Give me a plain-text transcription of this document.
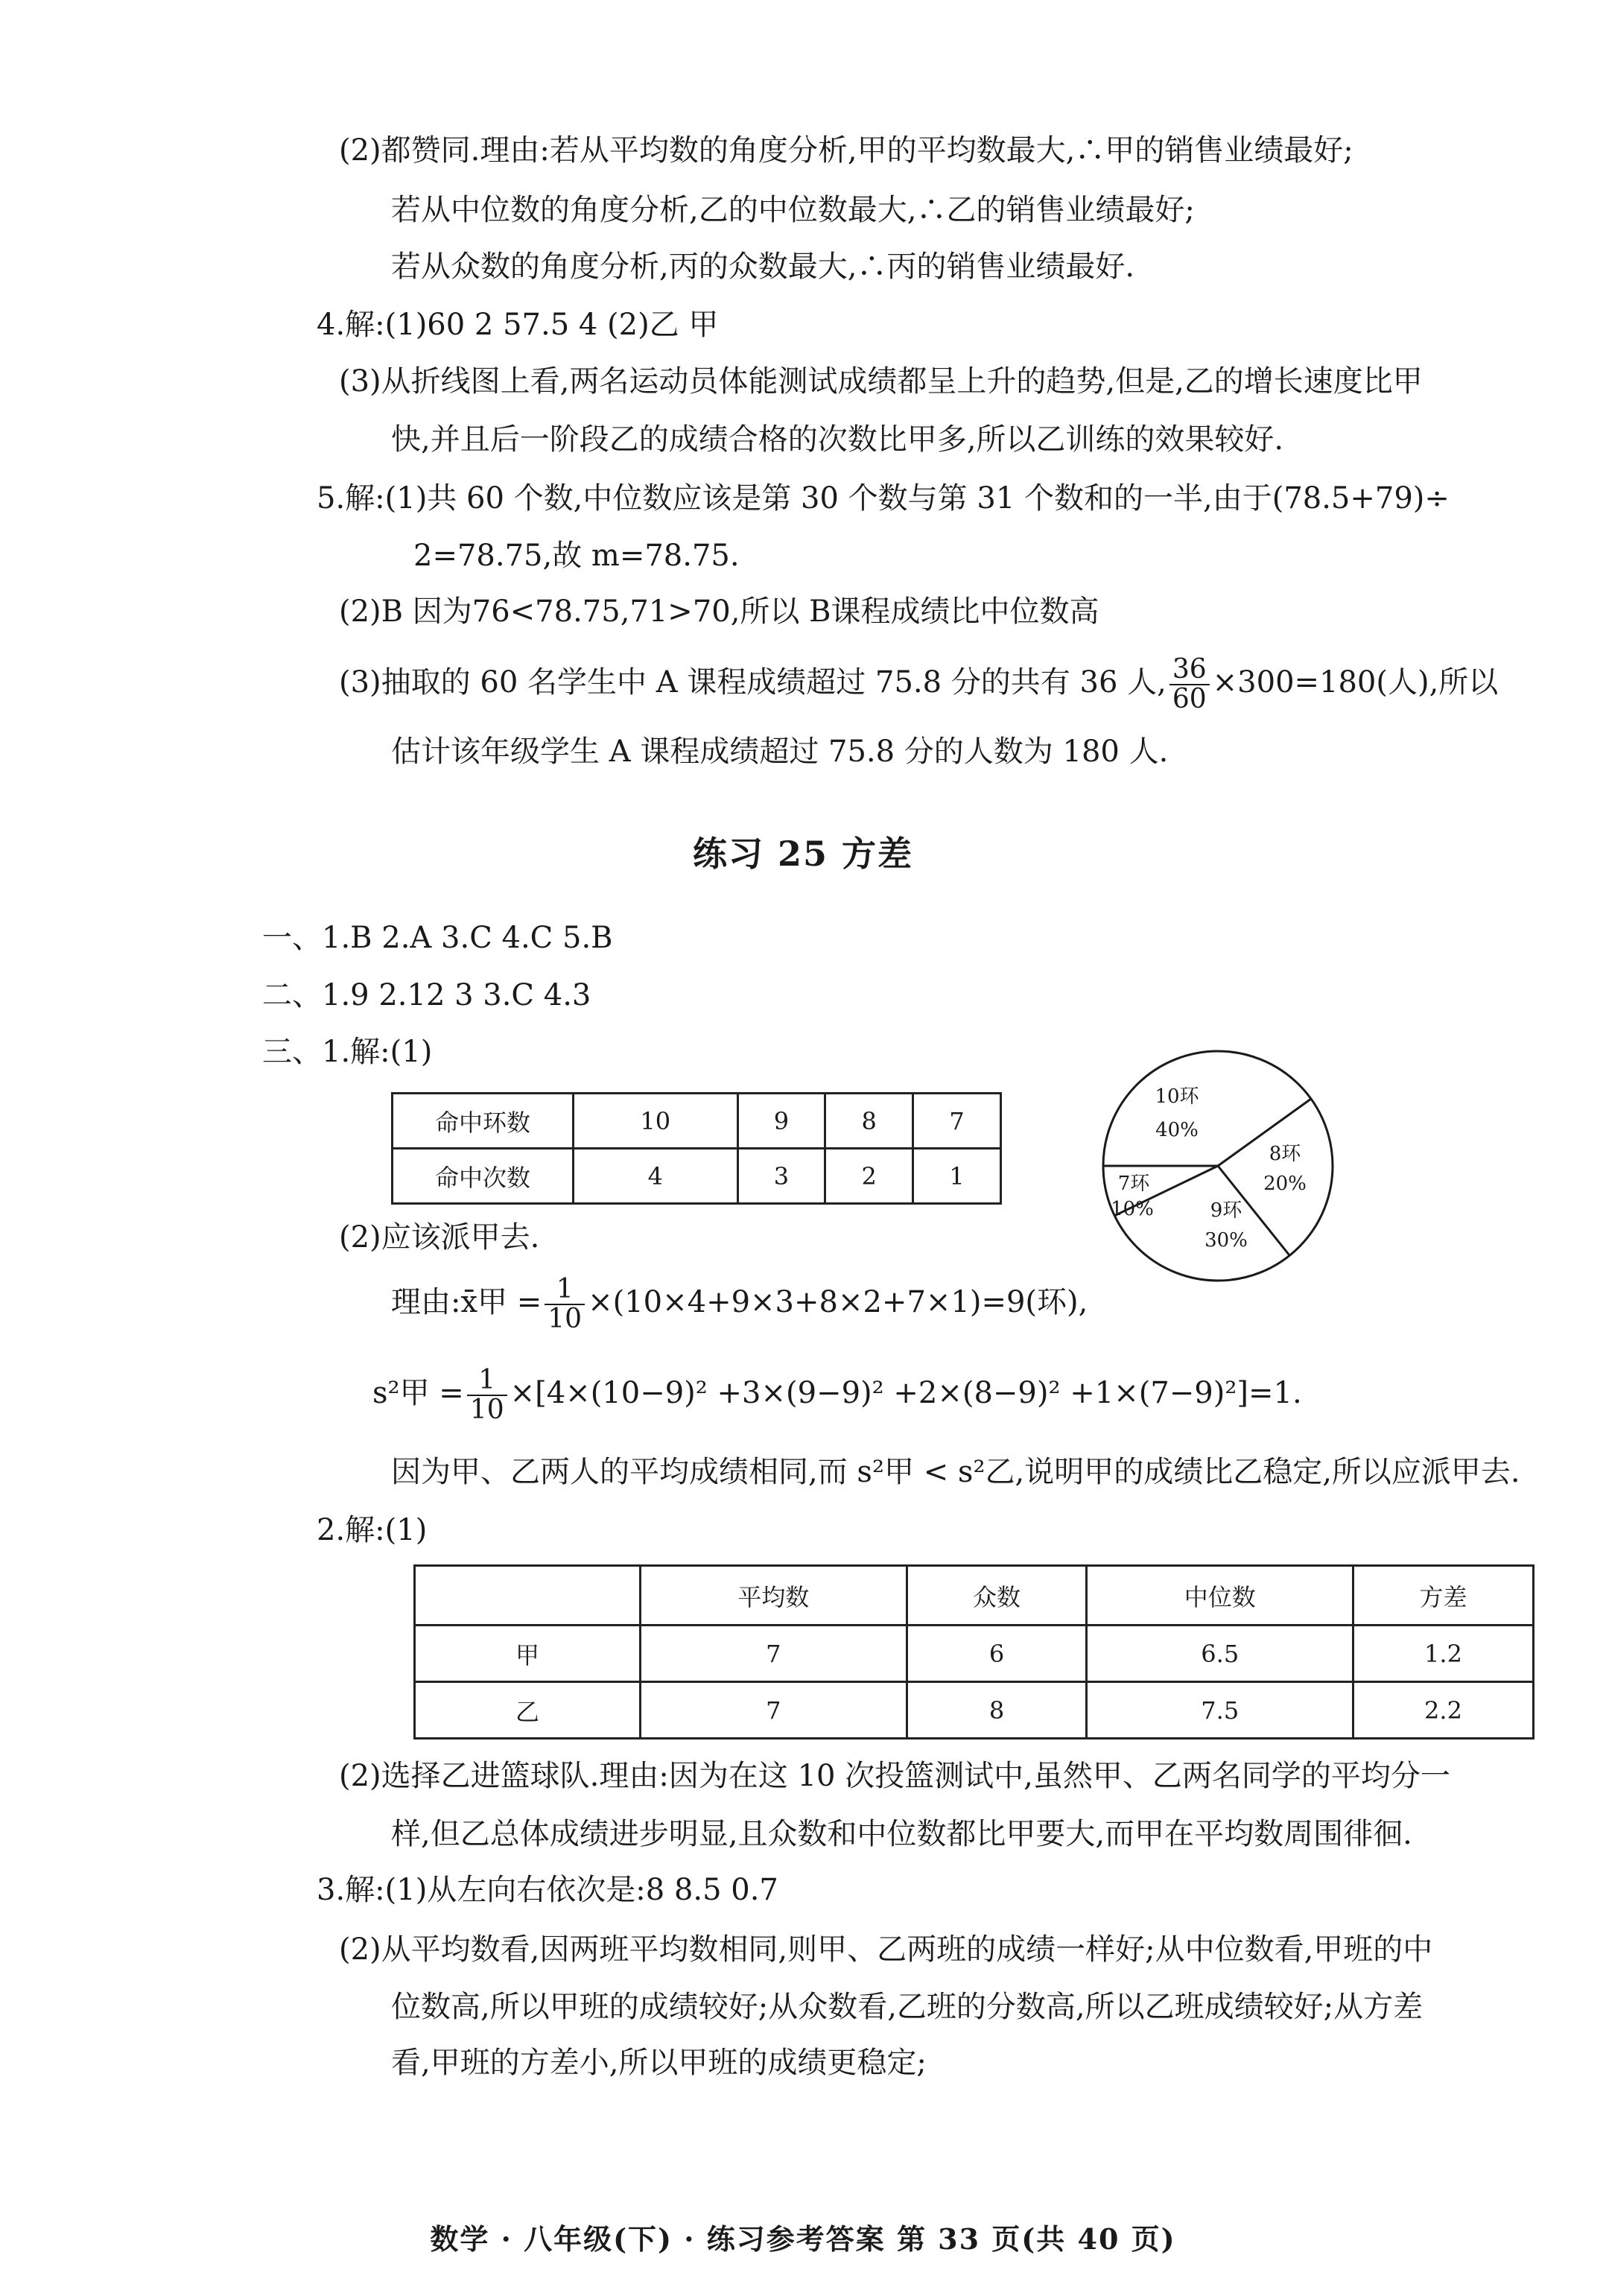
(2)都赞同.理由:若从平均数的角度分析,甲的平均数最大,∴甲的销售业绩最好;
若从中位数的角度分析,乙的中位数最大,∴乙的销售业绩最好;
若从众数的角度分析,丙的众数最大,∴丙的销售业绩最好.
4.解:(1)60 2 57.5 4 (2)乙 甲
(3)从折线图上看,两名运动员体能测试成绩都呈上升的趋势,但是,乙的增长速度比甲
快,并且后一阶段乙的成绩合格的次数比甲多,所以乙训练的效果较好.
5.解:(1)共 60 个数,中位数应该是第 30 个数与第 31 个数和的一半,由于(78.5+79)÷
2=78.75,故 m=78.75.
(2)B 因为76<78.75,71>70,所以 B课程成绩比中位数高
(3)抽取的 60 名学生中 A 课程成绩超过 75.8 分的共有 36 人, $\frac{36}{60} \times 300=180$(人),所以
估计该年级学生 A 课程成绩超过 75.8 分的人数为 180 人.
练习 25 方差
一、1.B 2.A 3.C 4.C 5.B
二、1.9 2.12 3 3.C 4.3
三、1.解:(1)
命中环数	10	9	8	7
命中次数	4	3	2	1
10环
40%
8环
20%
9环
30%
7环
10%
(2)应该派甲去.
理由:x̄甲 = $\frac{1}{10} \times(10\times 4+9\times 3+8\times 2+7\times 1)=9$(环),
s²甲 = $\frac{1}{10} \times[4\times(10-9)^2 +3\times(9-9)^2 +2\times(8-9)^2 +1\times(7-9)^2]=1$.
因为甲、乙两人的平均成绩相同,而 s²甲 < s²乙,说明甲的成绩比乙稳定,所以应派甲去.
2.解:(1)
	平均数	众数	中位数	方差
甲	7	6	6.5	1.2
乙	7	8	7.5	2.2
(2)选择乙进篮球队.理由:因为在这 10 次投篮测试中,虽然甲、乙两名同学的平均分一
样,但乙总体成绩进步明显,且众数和中位数都比甲要大,而甲在平均数周围徘徊.
3.解:(1)从左向右依次是:8 8.5 0.7
(2)从平均数看,因两班平均数相同,则甲、乙两班的成绩一样好;从中位数看,甲班的中
位数高,所以甲班的成绩较好;从众数看,乙班的分数高,所以乙班成绩较好;从方差
看,甲班的方差小,所以甲班的成绩更稳定;
数学 · 八年级(下) · 练习参考答案 第 33 页(共 40 页)
